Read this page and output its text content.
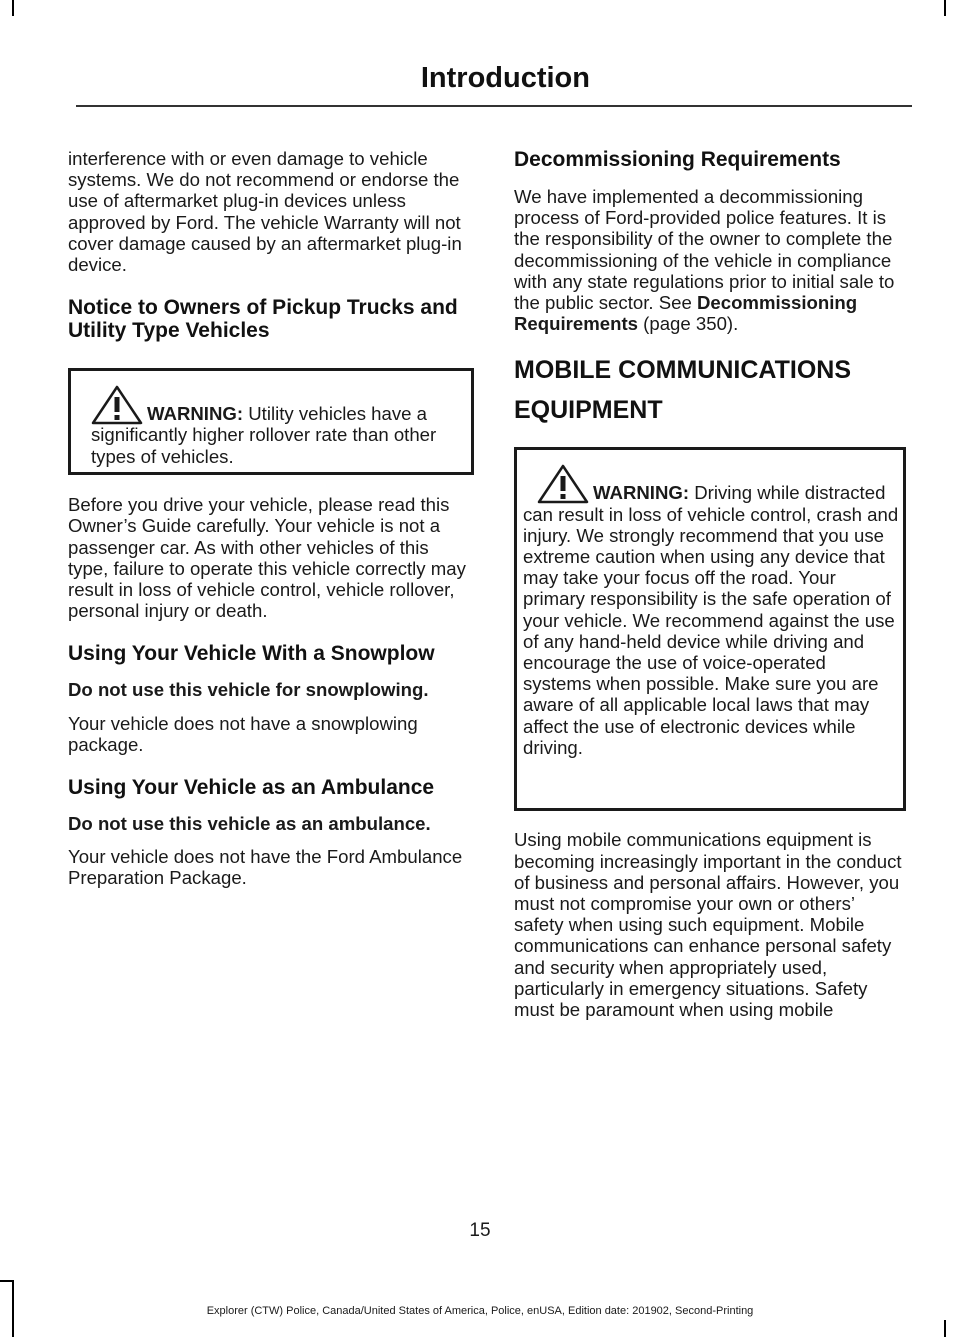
Introduction

interference with or even damage to vehicle systems. We do not recommend or endorse the use of aftermarket plug-in devices unless approved by Ford. The vehicle Warranty will not cover damage caused by an aftermarket plug-in device.

Notice to Owners of Pickup Trucks and Utility Type Vehicles

WARNING: Utility vehicles have a significantly higher rollover rate than other types of vehicles.

Before you drive your vehicle, please read this Owner’s Guide carefully. Your vehicle is not a passenger car. As with other vehicles of this type, failure to operate this vehicle correctly may result in loss of vehicle control, vehicle rollover, personal injury or death.

Using Your Vehicle With a Snowplow

Do not use this vehicle for snowplowing.

Your vehicle does not have a snowplowing package.

Using Your Vehicle as an Ambulance

Do not use this vehicle as an ambulance.

Your vehicle does not have the Ford Ambulance Preparation Package.

Decommissioning Requirements

We have implemented a decommissioning process of Ford-provided police features. It is the responsibility of the owner to complete the decommissioning of the vehicle in compliance with any state regulations prior to initial sale to the public sector. See Decommissioning Requirements (page 350).

MOBILE COMMUNICATIONS
EQUIPMENT

WARNING: Driving while distracted can result in loss of vehicle control, crash and injury. We strongly recommend that you use extreme caution when using any device that may take your focus off the road. Your primary responsibility is the safe operation of your vehicle. We recommend against the use of any hand-held device while driving and encourage the use of voice-operated systems when possible. Make sure you are aware of all applicable local laws that may affect the use of electronic devices while driving.

Using mobile communications equipment is becoming increasingly important in the conduct of business and personal affairs. However, you must not compromise your own or others’ safety when using such equipment. Mobile communications can enhance personal safety and security when appropriately used, particularly in emergency situations. Safety must be paramount when using mobile

15
Explorer (CTW) Police, Canada/United States of America, Police, enUSA, Edition date: 201902, Second-Printing
